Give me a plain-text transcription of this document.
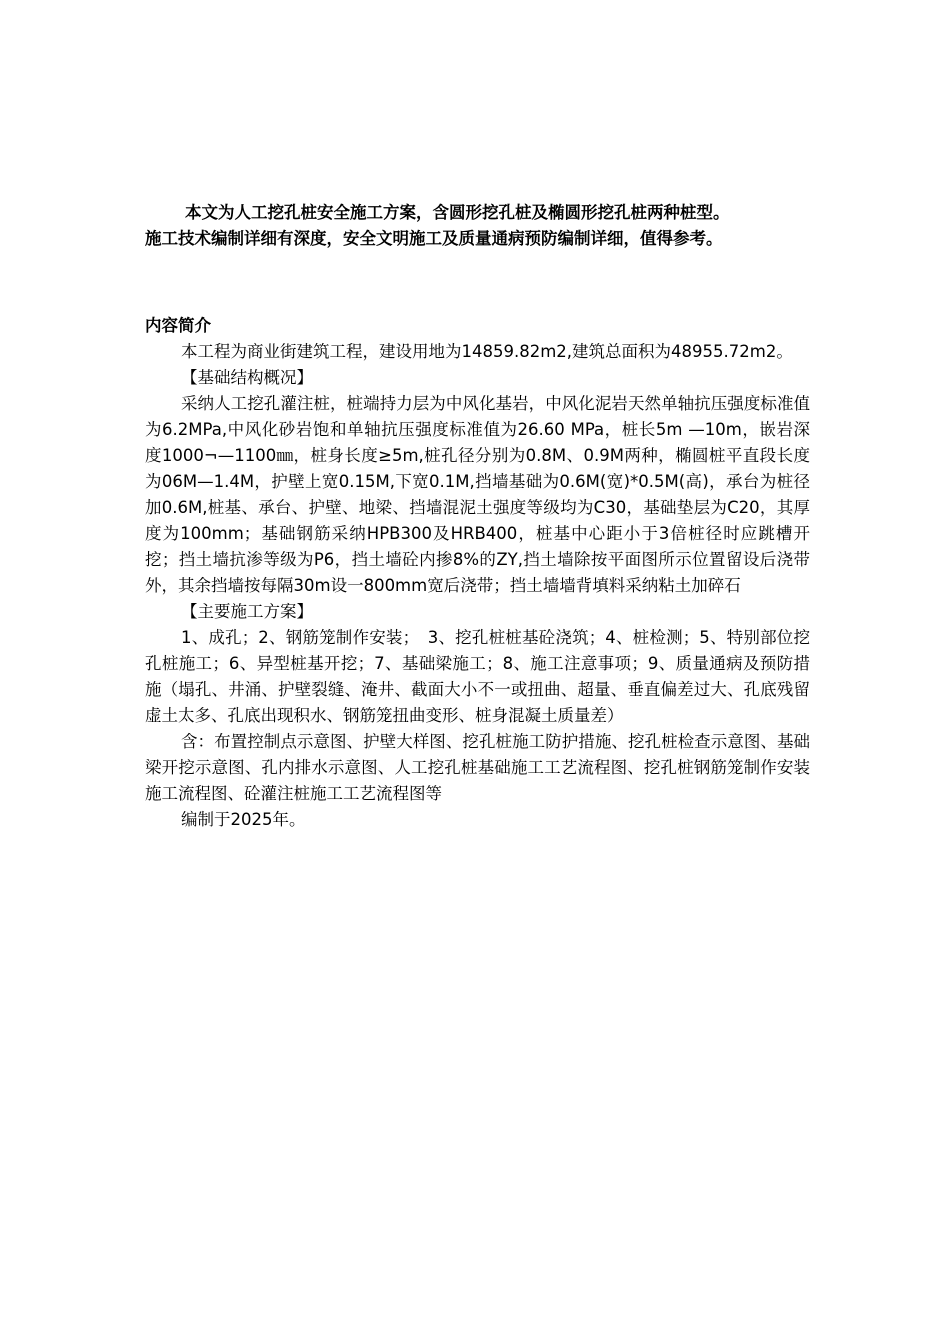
本文为人工挖孔桩安全施工方案，含圆形挖孔桩及椭圆形挖孔桩两种桩型。

施工技术编制详细有深度，安全文明施工及质量通病预防编制详细，值得参考。

内容简介

本工程为商业街建筑工程，建设用地为14859.82m2,建筑总面积为48955.72m2。

【基础结构概况】

采纳人工挖孔灌注桩，桩端持力层为中风化基岩，中风化泥岩天然单轴抗压强度标准值为6.2MPa,中风化砂岩饱和单轴抗压强度标准值为26.60 MPa，桩长5m —10m，嵌岩深度1000¬—1100㎜，桩身长度≥5m,桩孔径分别为0.8M、0.9M两种，椭圆桩平直段长度为06M—1.4M，护壁上宽0.15M,下宽0.1M,挡墙基础为0.6M(宽)*0.5M(高)，承台为桩径加0.6M,桩基、承台、护壁、地梁、挡墙混泥土强度等级均为C30，基础垫层为C20，其厚度为100mm；基础钢筋采纳HPB300及HRB400，桩基中心距小于3倍桩径时应跳槽开挖；挡土墙抗渗等级为P6，挡土墙砼内掺8%的ZY,挡土墙除按平面图所示位置留设后浇带外，其余挡墙按每隔30m设一800mm宽后浇带；挡土墙墙背填料采纳粘土加碎石

【主要施工方案】

1、成孔；2、钢筋笼制作安装；　3、挖孔桩桩基砼浇筑；4、桩检测；5、特别部位挖孔桩施工；6、异型桩基开挖；7、基础梁施工；8、施工注意事项；9、质量通病及预防措施（塌孔、井涌、护壁裂缝、淹井、截面大小不一或扭曲、超量、垂直偏差过大、孔底残留虚土太多、孔底出现积水、钢筋笼扭曲变形、桩身混凝土质量差）

含：布置控制点示意图、护壁大样图、挖孔桩施工防护措施、挖孔桩检查示意图、基础梁开挖示意图、孔内排水示意图、人工挖孔桩基础施工工艺流程图、挖孔桩钢筋笼制作安装施工流程图、砼灌注桩施工工艺流程图等

编制于2025年。
